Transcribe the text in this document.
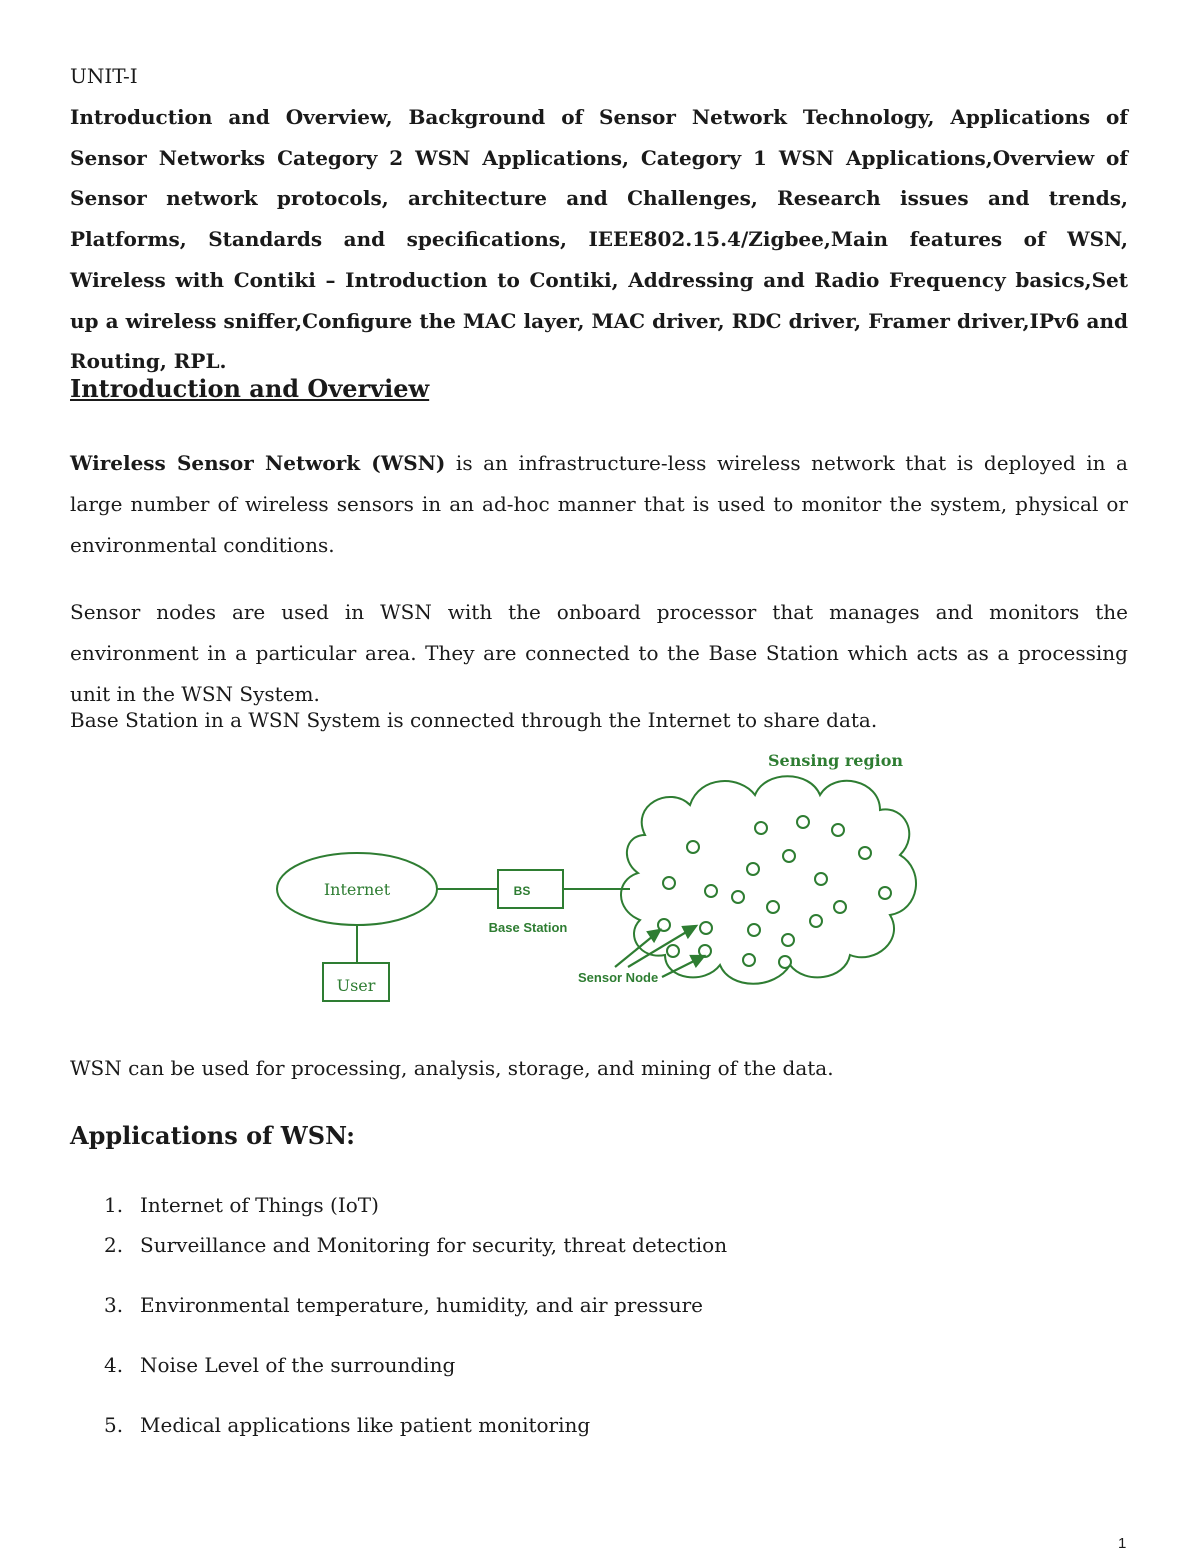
UNIT-I

Introduction and Overview, Background of Sensor Network Technology, Applications of Sensor Networks Category 2 WSN Applications, Category 1 WSN Applications,Overview of Sensor network protocols, architecture and Challenges, Research issues and trends, Platforms, Standards and specifications, IEEE802.15.4/Zigbee,Main features of WSN, Wireless with Contiki – Introduction to Contiki, Addressing and Radio Frequency basics,Set up a wireless sniffer,Configure the MAC layer, MAC driver, RDC driver, Framer driver,IPv6 and Routing, RPL.

Introduction and Overview

Wireless Sensor Network (WSN) is an infrastructure-less wireless network that is deployed in a large number of wireless sensors in an ad-hoc manner that is used to monitor the system, physical or environmental conditions.

Sensor nodes are used in WSN with the onboard processor that manages and monitors the environment in a particular area. They are connected to the Base Station which acts as a processing unit in the WSN System.

Base Station in a WSN System is connected through the Internet to share data.

Sensing region
Internet	BS
Base Station
User	Sensor Node

WSN can be used for processing, analysis, storage, and mining of the data.

Applications of WSN:
1. Internet of Things (IoT)
2. Surveillance and Monitoring for security, threat detection
3. Environmental temperature, humidity, and air pressure
4. Noise Level of the surrounding
5. Medical applications like patient monitoring
1
